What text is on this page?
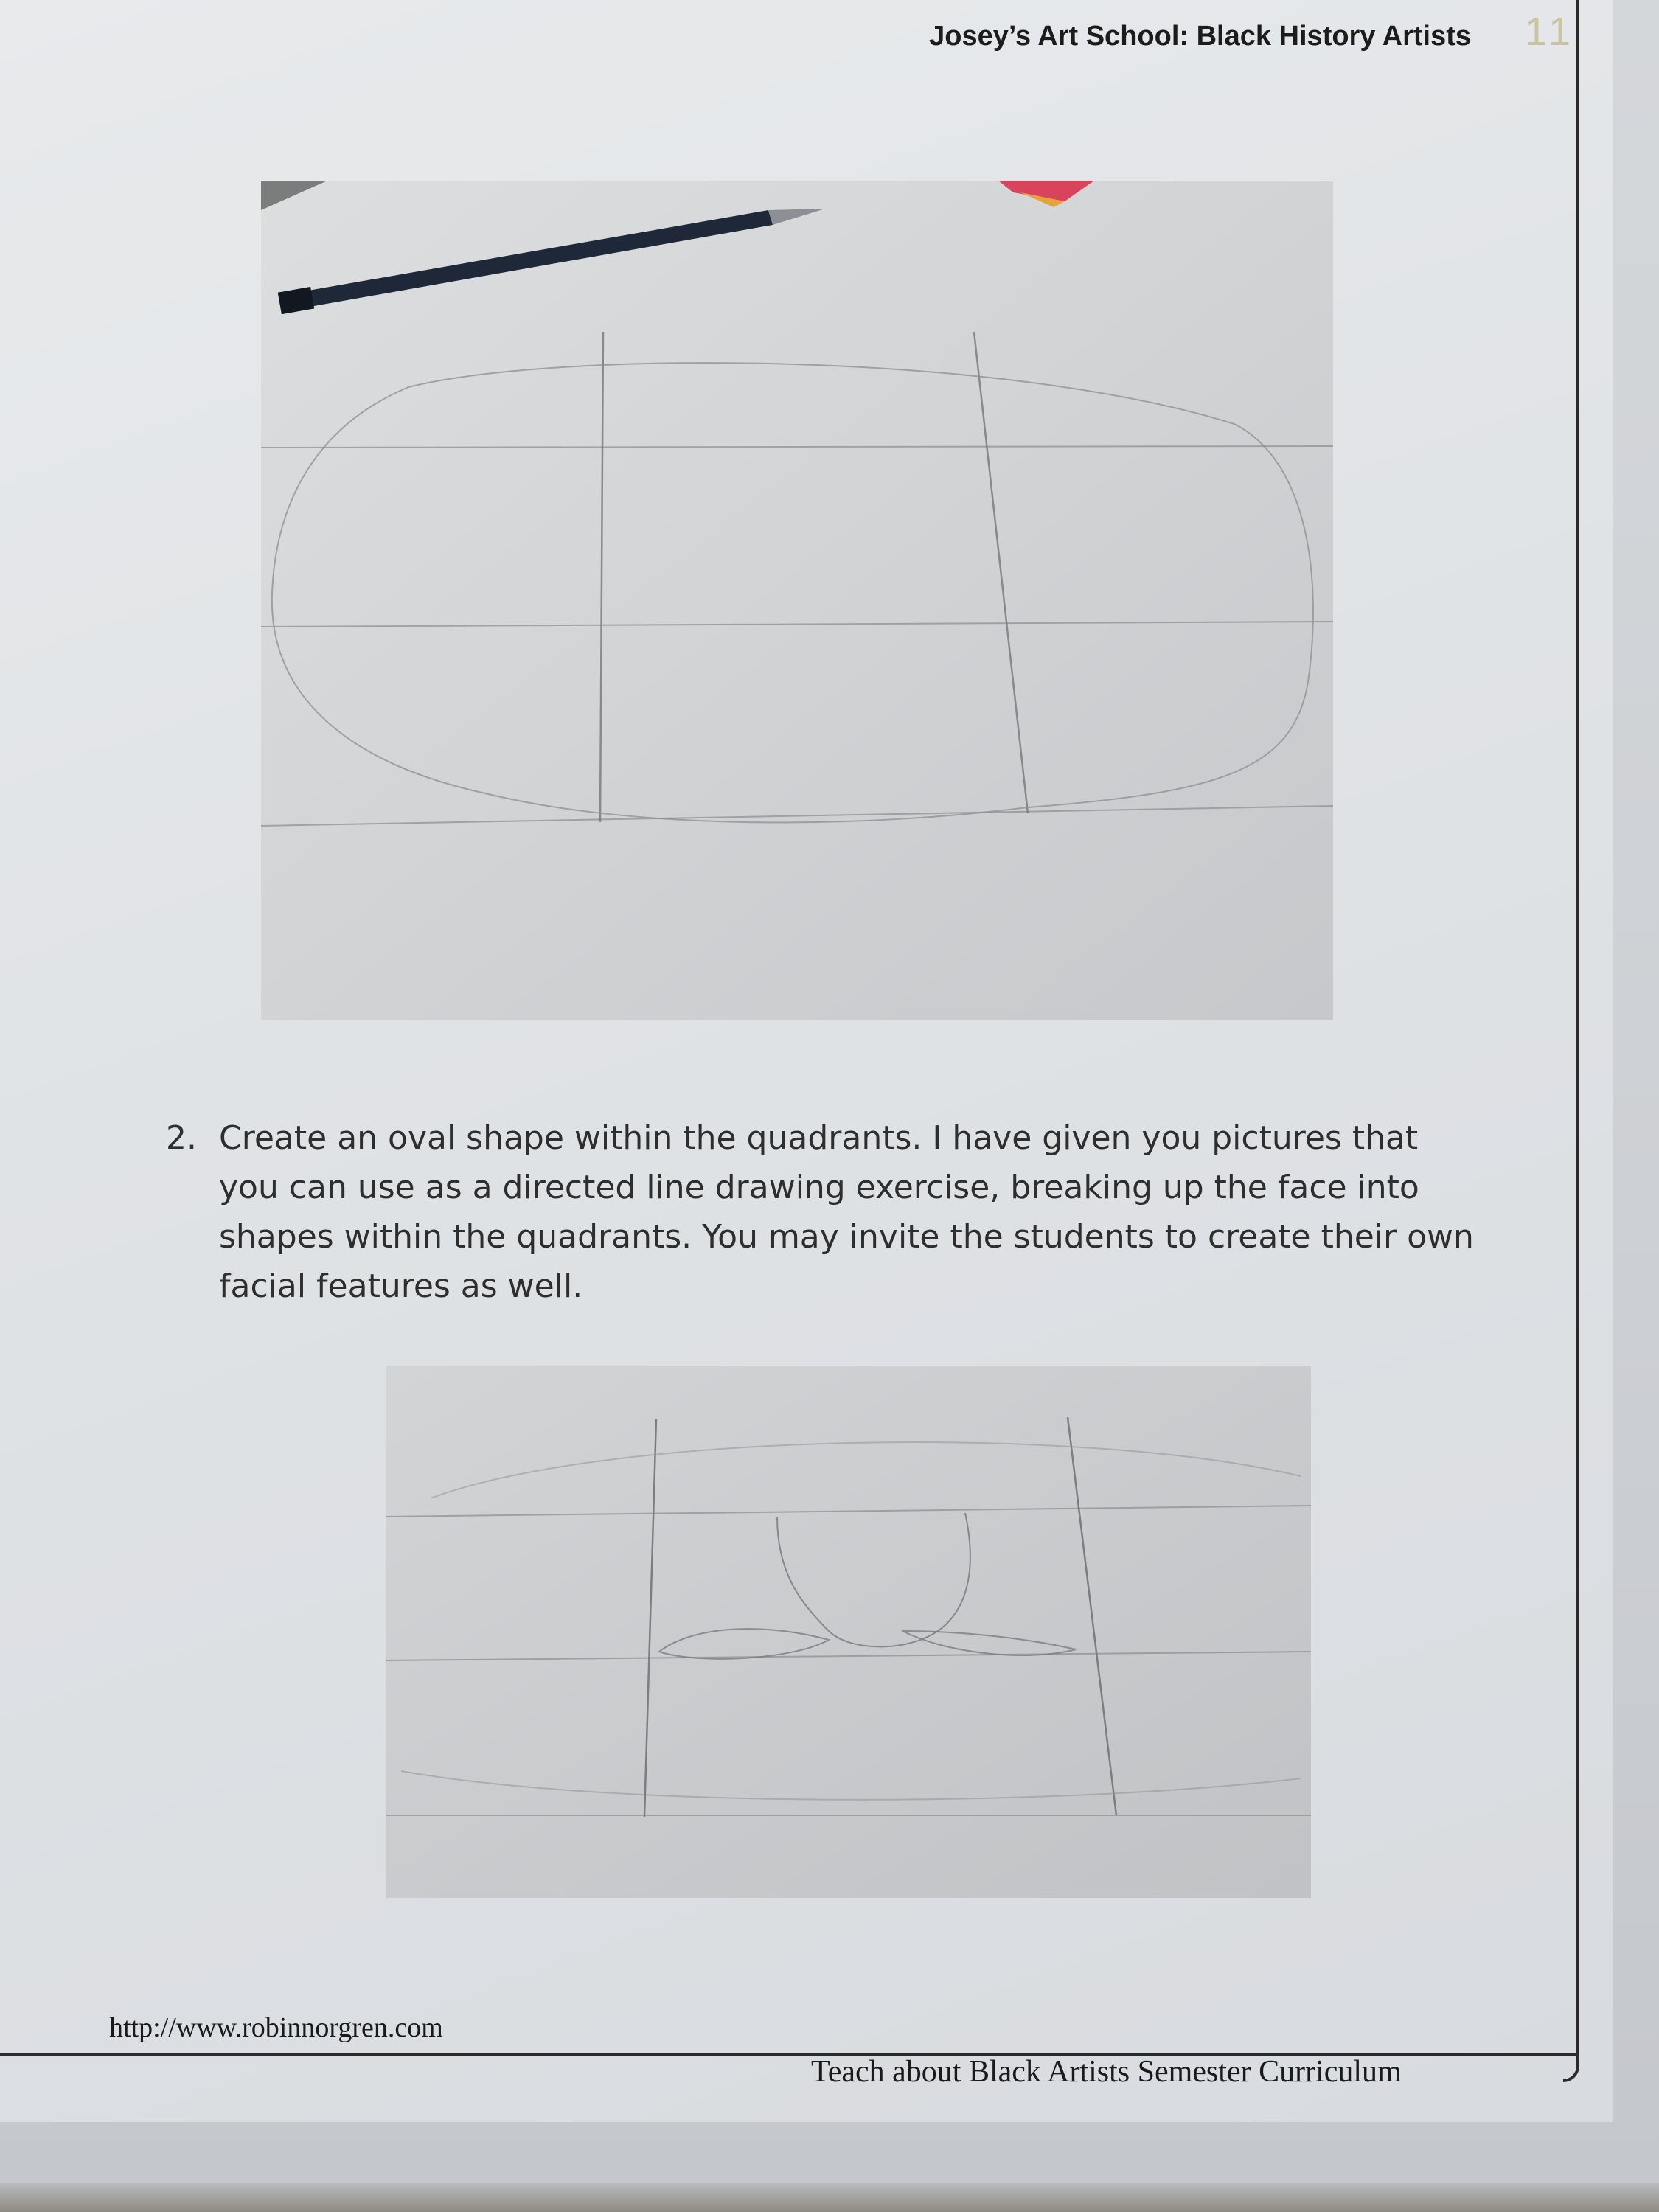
Josey’s Art School: Black History Artists 11
2. Create an oval shape within the quadrants. I have given you pictures that you can use as a directed line drawing exercise, breaking up the face into shapes within the quadrants. You may invite the students to create their own facial features as well.
http://www.robinnorgren.com
Teach about Black Artists Semester Curriculum
